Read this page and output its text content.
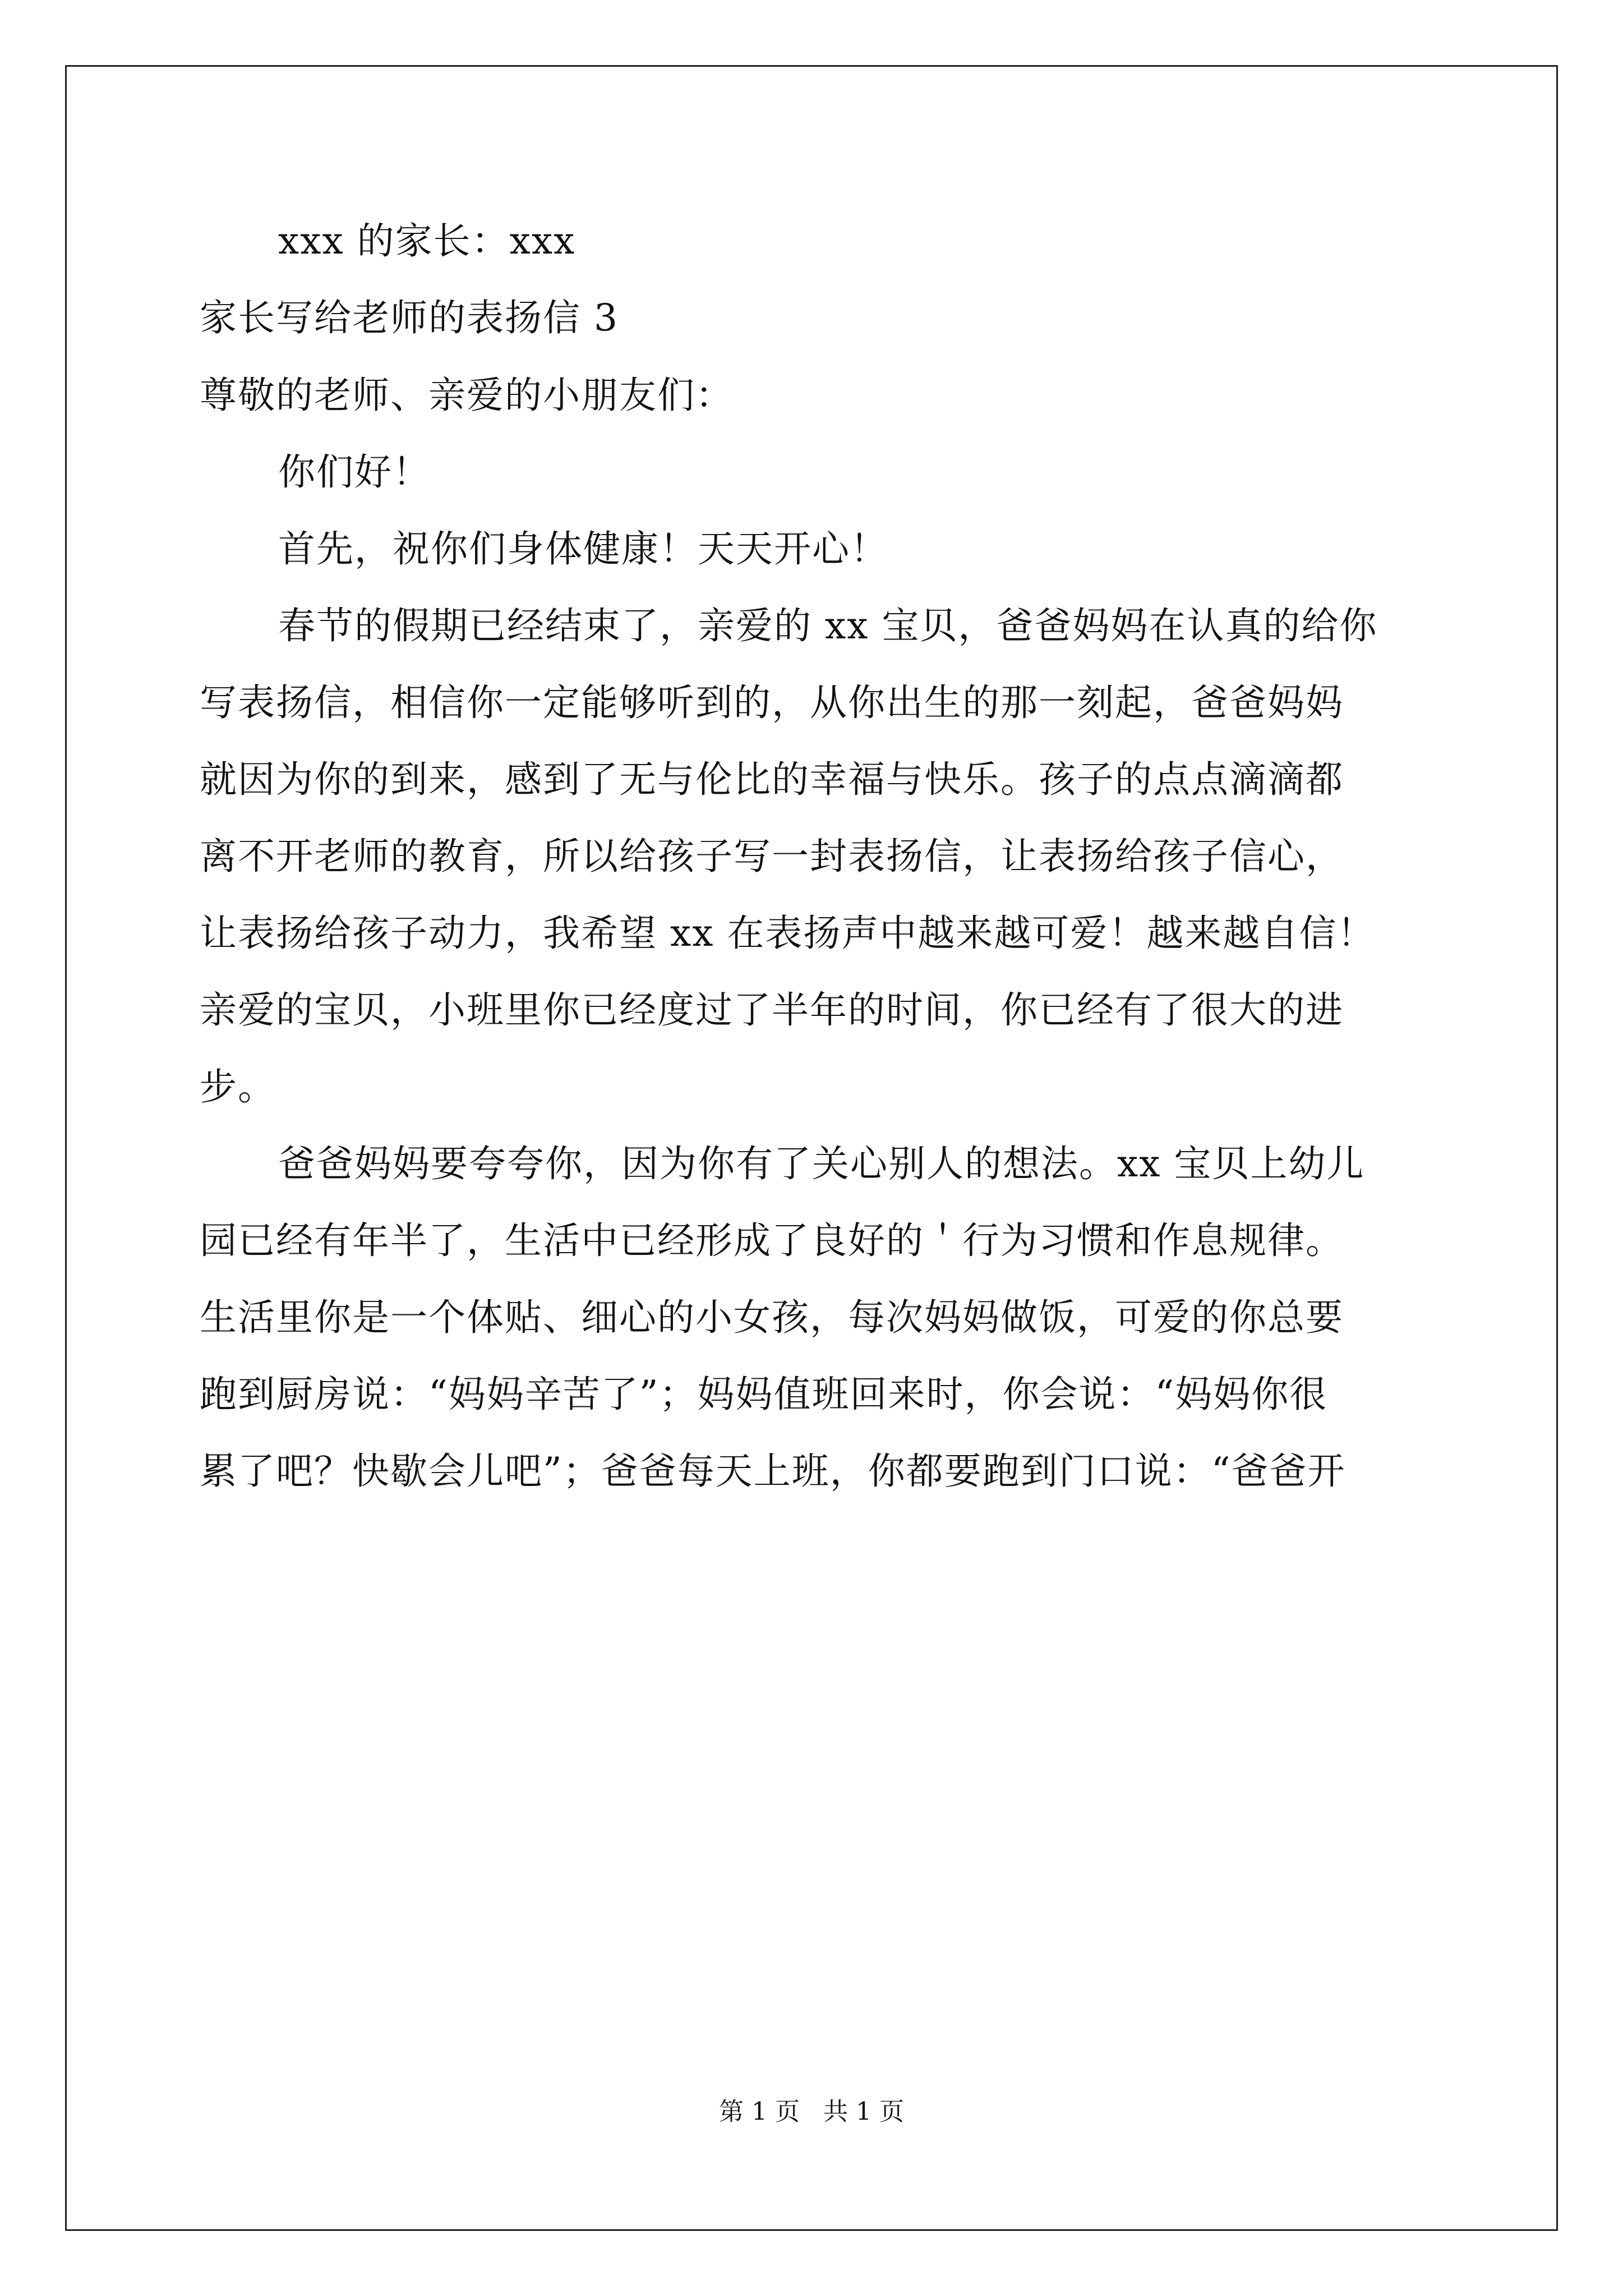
xxx 的家长：xxx
家长写给老师的表扬信 3
尊敬的老师、亲爱的小朋友们：
你们好！
首先，祝你们身体健康！天天开心！
春节的假期已经结束了，亲爱的 xx 宝贝，爸爸妈妈在认真的给你
写表扬信，相信你一定能够听到的，从你出生的那一刻起，爸爸妈妈
就因为你的到来，感到了无与伦比的幸福与快乐。孩子的点点滴滴都
离不开老师的教育，所以给孩子写一封表扬信，让表扬给孩子信心，
让表扬给孩子动力，我希望 xx 在表扬声中越来越可爱！越来越自信！
亲爱的宝贝，小班里你已经度过了半年的时间，你已经有了很大的进
步。
爸爸妈妈要夸夸你，因为你有了关心别人的想法。xx 宝贝上幼儿
园已经有年半了，生活中已经形成了良好的＇行为习惯和作息规律。
生活里你是一个体贴、细心的小女孩，每次妈妈做饭，可爱的你总要
跑到厨房说：“妈妈辛苦了”；妈妈值班回来时，你会说：“妈妈你很
累了吧？快歇会儿吧”；爸爸每天上班，你都要跑到门口说：“爸爸开
第 1 页   共 1 页
